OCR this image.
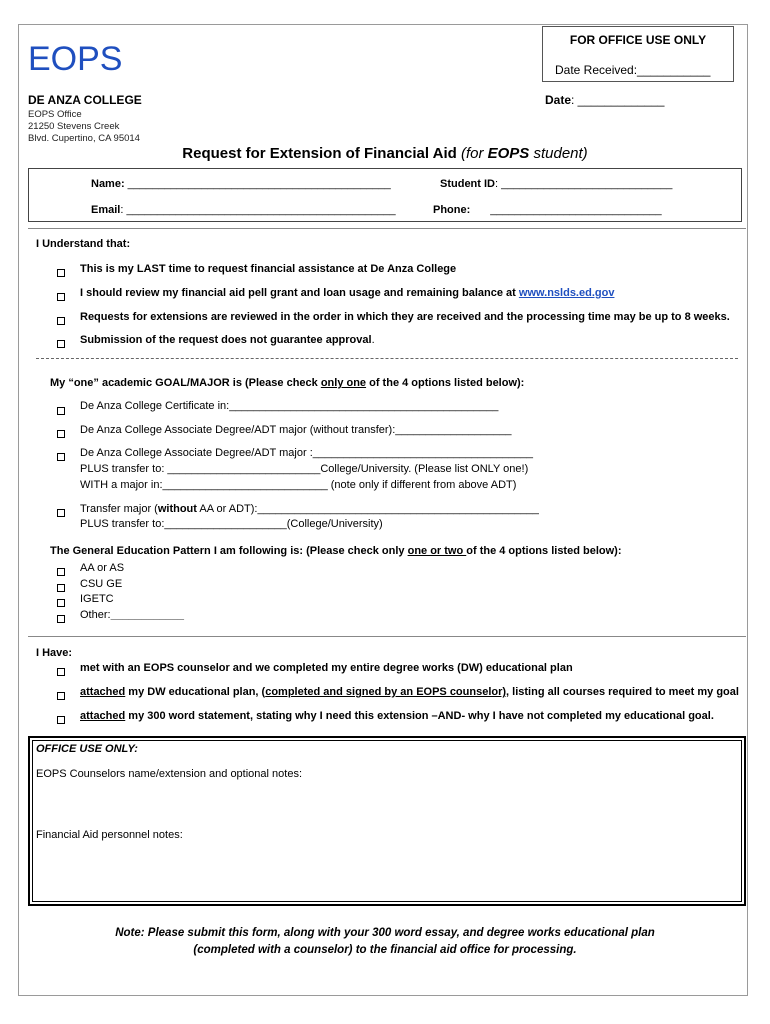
EOPS	FOR OFFICE USE ONLY
Date Received:___________
DE ANZA COLLEGE
EOPS Office
21250 Stevens Creek
Blvd. Cupertino, CA 95014
Date: _____________
Request for Extension of Financial Aid (for EOPS student)
Name: ___________________________________________	Student ID: ____________________________
Email: ____________________________________________	Phone: ____________________________
I Understand that:
This is my LAST time to request financial assistance at De Anza College
I should review my financial aid pell grant and loan usage and remaining balance at www.nslds.ed.gov
Requests for extensions are reviewed in the order in which they are received and the processing time may be up to 8 weeks.
Submission of the request does not guarantee approval.
My “one” academic GOAL/MAJOR is (Please check only one of the 4 options listed below):
De Anza College Certificate in:____________________________________________
De Anza College Associate Degree/ADT major (without transfer):___________________
De Anza College Associate Degree/ADT major :____________________________________
PLUS transfer to: _________________________College/University. (Please list ONLY one!)
WITH a major in:___________________________ (note only if different from above ADT)
Transfer major (without AA or ADT):______________________________________________
PLUS transfer to:____________________(College/University)
The General Education Pattern I am following is: (Please check only one or two of the 4 options listed below):
AA or AS
CSU GE
IGETC
Other:____________
I Have:
met with an EOPS counselor and we completed my entire degree works (DW) educational plan
attached my DW educational plan, (completed and signed by an EOPS counselor), listing all courses required to meet my goal
attached my 300 word statement, stating why I need this extension –AND- why I have not completed my educational goal.
OFFICE USE ONLY:
EOPS Counselors name/extension and optional notes:
Financial Aid personnel notes:
Note: Please submit this form, along with your 300 word essay, and degree works educational plan
(completed with a counselor) to the financial aid office for processing.
